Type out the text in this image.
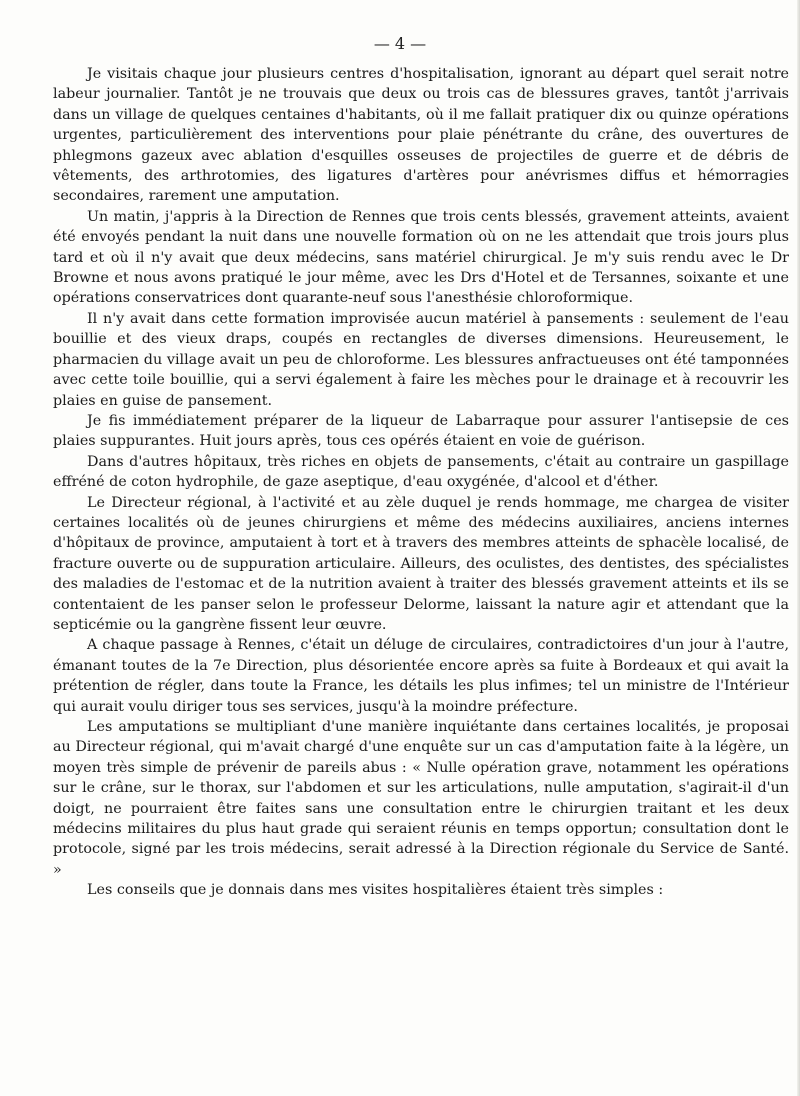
— 4 —

Je visitais chaque jour plusieurs centres d'hospitalisation, ignorant au départ quel serait notre labeur journalier. Tantôt je ne trouvais que deux ou trois cas de blessures graves, tantôt j'arrivais dans un village de quelques centaines d'habitants, où il me fallait pratiquer dix ou quinze opérations urgentes, particulièrement des interventions pour plaie pénétrante du crâne, des ouvertures de phlegmons gazeux avec ablation d'esquilles osseuses de projectiles de guerre et de débris de vêtements, des arthrotomies, des ligatures d'artères pour anévrismes diffus et hémorragies secondaires, rarement une amputation.

Un matin, j'appris à la Direction de Rennes que trois cents blessés, gravement atteints, avaient été envoyés pendant la nuit dans une nouvelle formation où on ne les attendait que trois jours plus tard et où il n'y avait que deux médecins, sans matériel chirurgical. Je m'y suis rendu avec le Dr Browne et nous avons pratiqué le jour même, avec les Drs d'Hotel et de Tersannes, soixante et une opérations conservatrices dont quarante-neuf sous l'anesthésie chloroformique.

Il n'y avait dans cette formation improvisée aucun matériel à pansements : seulement de l'eau bouillie et des vieux draps, coupés en rectangles de diverses dimensions. Heureusement, le pharmacien du village avait un peu de chloroforme. Les blessures anfractueuses ont été tamponnées avec cette toile bouillie, qui a servi également à faire les mèches pour le drainage et à recouvrir les plaies en guise de pansement.

Je fis immédiatement préparer de la liqueur de Labarraque pour assurer l'antisepsie de ces plaies suppurantes. Huit jours après, tous ces opérés étaient en voie de guérison.

Dans d'autres hôpitaux, très riches en objets de pansements, c'était au contraire un gaspillage effréné de coton hydrophile, de gaze aseptique, d'eau oxygénée, d'alcool et d'éther.

Le Directeur régional, à l'activité et au zèle duquel je rends hommage, me chargea de visiter certaines localités où de jeunes chirurgiens et même des médecins auxiliaires, anciens internes d'hôpitaux de province, amputaient à tort et à travers des membres atteints de sphacèle localisé, de fracture ouverte ou de suppuration articulaire. Ailleurs, des oculistes, des dentistes, des spécialistes des maladies de l'estomac et de la nutrition avaient à traiter des blessés gravement atteints et ils se contentaient de les panser selon le professeur Delorme, laissant la nature agir et attendant que la septicémie ou la gangrène fissent leur œuvre.

A chaque passage à Rennes, c'était un déluge de circulaires, contradictoires d'un jour à l'autre, émanant toutes de la 7e Direction, plus désorientée encore après sa fuite à Bordeaux et qui avait la prétention de régler, dans toute la France, les détails les plus infimes; tel un ministre de l'Intérieur qui aurait voulu diriger tous ses services, jusqu'à la moindre préfecture.

Les amputations se multipliant d'une manière inquiétante dans certaines localités, je proposai au Directeur régional, qui m'avait chargé d'une enquête sur un cas d'amputation faite à la légère, un moyen très simple de prévenir de pareils abus : « Nulle opération grave, notamment les opérations sur le crâne, sur le thorax, sur l'abdomen et sur les articulations, nulle amputation, s'agirait-il d'un doigt, ne pourraient être faites sans une consultation entre le chirurgien traitant et les deux médecins militaires du plus haut grade qui seraient réunis en temps opportun; consultation dont le protocole, signé par les trois médecins, serait adressé à la Direction régionale du Service de Santé. »

Les conseils que je donnais dans mes visites hospitalières étaient très simples :
